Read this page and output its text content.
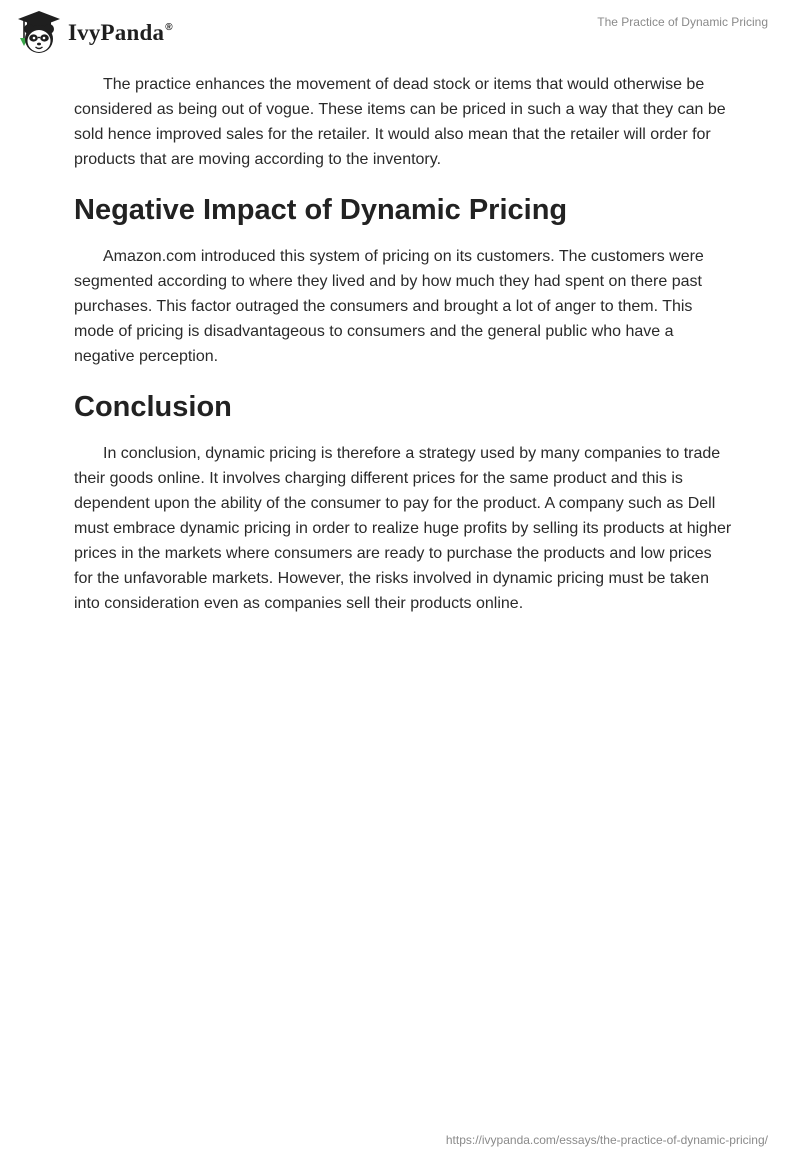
IvyPanda®	The Practice of Dynamic Pricing

The practice enhances the movement of dead stock or items that would otherwise be considered as being out of vogue. These items can be priced in such a way that they can be sold hence improved sales for the retailer. It would also mean that the retailer will order for products that are moving according to the inventory.

Negative Impact of Dynamic Pricing

Amazon.com introduced this system of pricing on its customers. The customers were segmented according to where they lived and by how much they had spent on there past purchases. This factor outraged the consumers and brought a lot of anger to them. This mode of pricing is disadvantageous to consumers and the general public who have a negative perception.

Conclusion

In conclusion, dynamic pricing is therefore a strategy used by many companies to trade their goods online. It involves charging different prices for the same product and this is dependent upon the ability of the consumer to pay for the product. A company such as Dell must embrace dynamic pricing in order to realize huge profits by selling its products at higher prices in the markets where consumers are ready to purchase the products and low prices for the unfavorable markets. However, the risks involved in dynamic pricing must be taken into consideration even as companies sell their products online.

https://ivypanda.com/essays/the-practice-of-dynamic-pricing/
